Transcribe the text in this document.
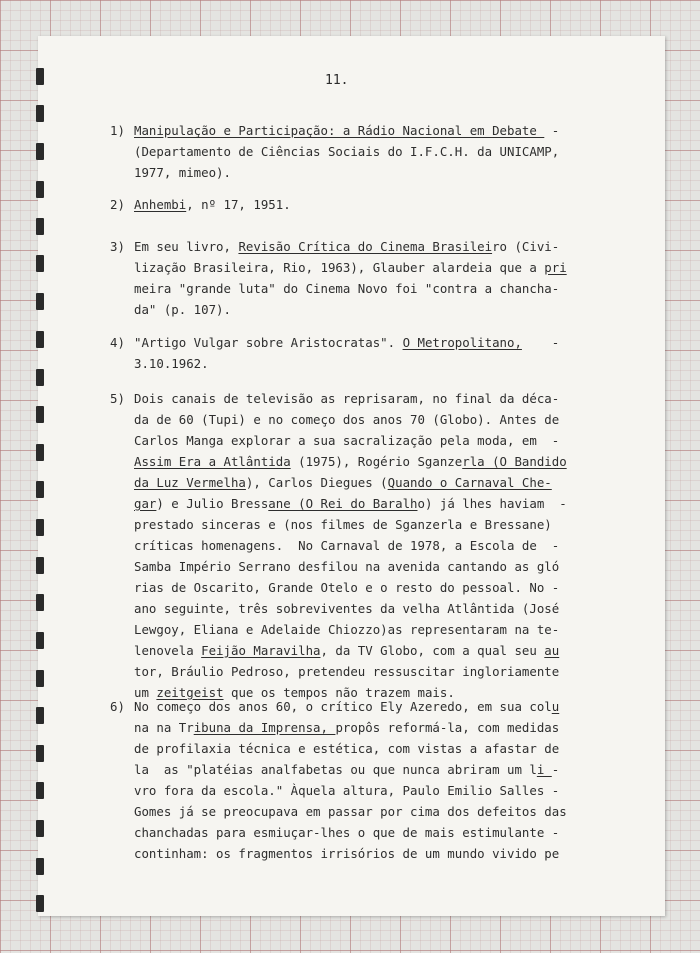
11.
1) Manipulação e Participação: a Rádio Nacional em Debate  -
(Departamento de Ciências Sociais do I.F.C.H. da UNICAMP,
1977, mimeo).
2) Anhembi, nº 17, 1951.
3) Em seu livro, Revisão Crítica do Cinema Brasileiro (Civi-
lização Brasileira, Rio, 1963), Glauber alardeia que a pri
meira "grande luta" do Cinema Novo foi "contra a chancha-
da" (p. 107).
4) "Artigo Vulgar sobre Aristocratas". O Metropolitano,    -
3.10.1962.
5) Dois canais de televisão as reprisaram, no final da déca-
da de 60 (Tupi) e no começo dos anos 70 (Globo). Antes de
Carlos Manga explorar a sua sacralização pela moda, em  -
Assim Era a Atlântida (1975), Rogério Sganzerla (O Bandido
da Luz Vermelha), Carlos Diegues (Quando o Carnaval Che-
gar) e Julio Bressane (O Rei do Baralho) já lhes haviam  -
prestado sinceras e (nos filmes de Sganzerla e Bressane)
críticas homenagens.  No Carnaval de 1978, a Escola de  -
Samba Império Serrano desfilou na avenida cantando as gló
rias de Oscarito, Grande Otelo e o resto do pessoal. No -
ano seguinte, três sobreviventes da velha Atlântida (José
Lewgoy, Eliana e Adelaide Chiozzo)as representaram na te-
lenovela Feijão Maravilha, da TV Globo, com a qual seu au
tor, Bráulio Pedroso, pretendeu ressuscitar ingloriamente
um zeitgeist que os tempos não trazem mais.
6) No começo dos anos 60, o crítico Ely Azeredo, em sua colu
na na Tribuna da Imprensa, propôs reformá-la, com medidas
de profilaxia técnica e estética, com vistas a afastar de
la  as "platéias analfabetas ou que nunca abriram um li -
vro fora da escola." Àquela altura, Paulo Emilio Salles -
Gomes já se preocupava em passar por cima dos defeitos das
chanchadas para esmiuçar-lhes o que de mais estimulante -
continham: os fragmentos irrisórios de um mundo vivido pe
